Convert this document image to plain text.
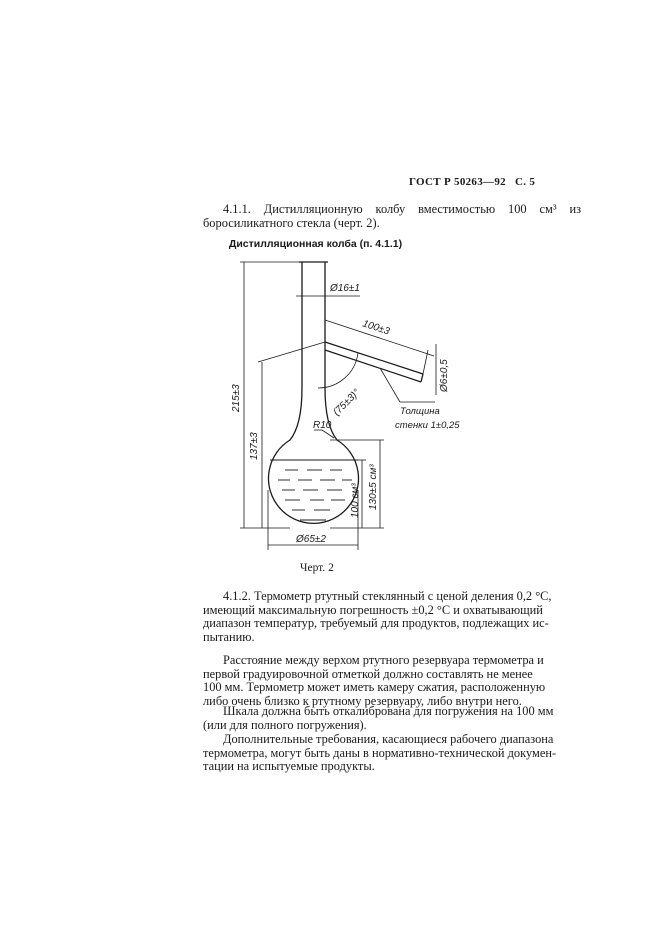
ГОСТ Р 50263—92 С. 5
4.1.1. Дистилляционную колбу вместимостью 100 см³ из боросиликатного стекла (черт. 2).
Дистилляционная колба (п. 4.1.1)
Ø16±1
100±3
Ø6±0,5
(75±3)°	Толщина
стенки 1±0,25
R10
215±3
137±3
130±5 см³
100 см³
Ø65±2
Черт. 2
4.1.2. Термометр ртутный стеклянный с ценой деления 0,2 °С,
имеющий максимальную погрешность ±0,2 °С и охватывающий
диапазон температур, требуемый для продуктов, подлежащих ис-
пытанию.
Расстояние между верхом ртутного резервуара термометра и
первой градуировочной отметкой должно составлять не менее
100 мм. Термометр может иметь камеру сжатия, расположенную
либо очень близко к ртутному резервуару, либо внутри него.
Шкала должна быть откалибрована для погружения на 100 мм
(или для полного погружения).
Дополнительные требования, касающиеся рабочего диапазона
термометра, могут быть даны в нормативно-технической докумен-
тации на испытуемые продукты.
